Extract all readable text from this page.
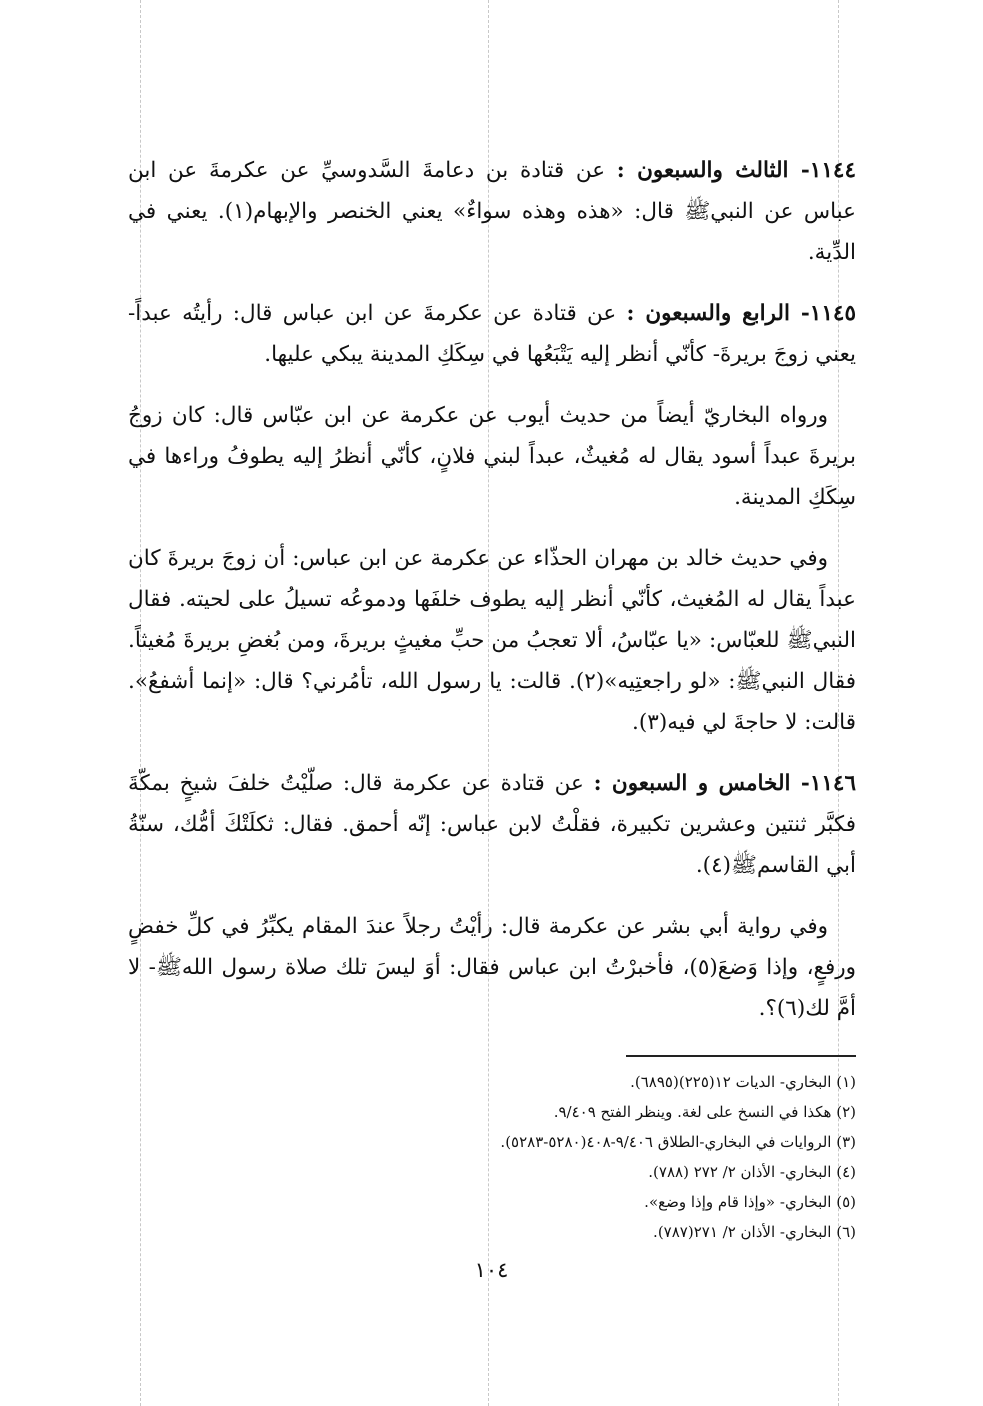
١١٤٤- الثالث والسبعون : عن قتادة بن دعامةَ السَّدوسيِّ عن عكرمةَ عن ابن عباس عن النبيﷺ قال: «هذه وهذه سواءٌ» يعني الخنصر والإبهام(١). يعني في الدِّية.

١١٤٥- الرابع والسبعون : عن قتادة عن عكرمةَ عن ابن عباس قال: رأيتُه عبداً- يعني زوجَ بريرةَ- كأنّي أنظر إليه يَتْبَعُها في سِكَكِ المدينة يبكي عليها.

ورواه البخاريّ أيضاً من حديث أيوب عن عكرمة عن ابن عبّاس قال: كان زوجُ بريرةَ عبداً أسود يقال له مُغيثٌ، عبداً لبني فلانٍ، كأنّي أنظرُ إليه يطوفُ وراءها في سِكَكِ المدينة.

وفي حديث خالد بن مهران الحذّاء عن عكرمة عن ابن عباس: أن زوجَ بريرةَ كان عبداً يقال له المُغيث، كأنّي أنظر إليه يطوف خلفَها ودموعُه تسيلُ على لحيته. فقال النبيﷺ للعبّاس: «يا عبّاسُ، ألا تعجبُ من حبِّ مغيثٍ بريرةَ، ومن بُغضِ بريرةَ مُغيثاً. فقال النبيﷺ: «لو راجعتِيه»(٢). قالت: يا رسول الله، تأمُرني؟ قال: «إنما أشفعُ». قالت: لا حاجةَ لي فيه(٣).

١١٤٦- الخامس و السبعون : عن قتادة عن عكرمة قال: صلّيْتُ خلفَ شيخٍ بمكّةَ فكبَّر ثنتين وعشرين تكبيرة، فقلْتُ لابن عباس: إنّه أحمق. فقال: ثكلَتْكَ أمُّك، سنّةُ أبي القاسمﷺ(٤).

وفي رواية أبي بشر عن عكرمة قال: رأيْتُ رجلاً عندَ المقام يكبِّرُ في كلِّ خفضٍ ورفعٍ، وإذا وَضعَ(٥)، فأخبرْتُ ابن عباس فقال: أوَ ليسَ تلك صلاة رسول اللهﷺ- لا أمَّ لك(٦)؟.

(١) البخاري- الديات ١٢(٢٢٥)(٦٨٩٥).
(٢) هكذا في النسخ على لغة. وينظر الفتح ٩/٤٠٩.
(٣) الروايات في البخاري-الطلاق ٩/٤٠٦-٤٠٨(٥٢٨٠-٥٢٨٣).
(٤) البخاري- الأذان ٢/ ٢٧٢ (٧٨٨).
(٥) البخاري- «وإذا قام وإذا وضع».
(٦) البخاري- الأذان ٢/ ٢٧١(٧٨٧).
١٠٤
